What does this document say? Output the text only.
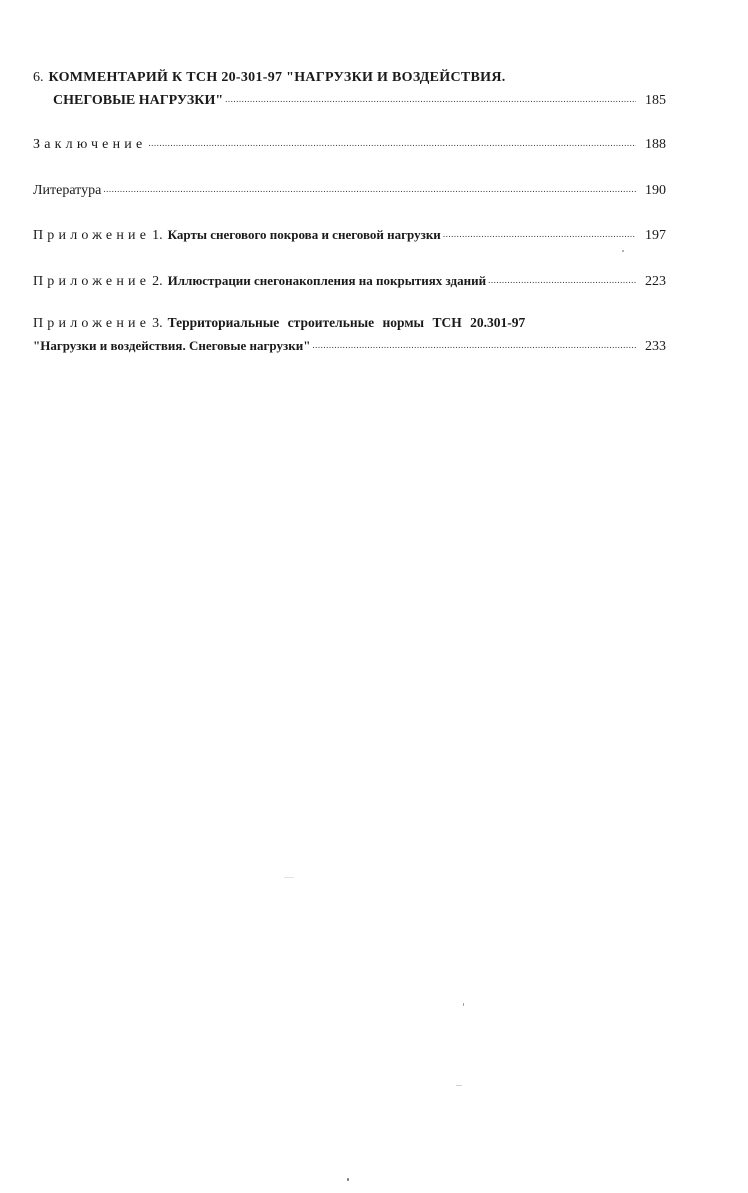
6. КОММЕНТАРИЙ К ТСН 20-301-97 "НАГРУЗКИ И ВОЗДЕЙСТВИЯ.
СНЕГОВЫЕ НАГРУЗКИ" .....	185
Заключение .....	188
Литература .....	190
Приложение 1. Карты снегового покрова и снеговой нагрузки .....	197
Приложение 2. Иллюстрации снегонакопления на покрытиях зданий .....	223
Приложение 3. Территориальные строительные нормы ТСН 20.301-97
"Нагрузки и воздействия. Снеговые нагрузки" .....	233
